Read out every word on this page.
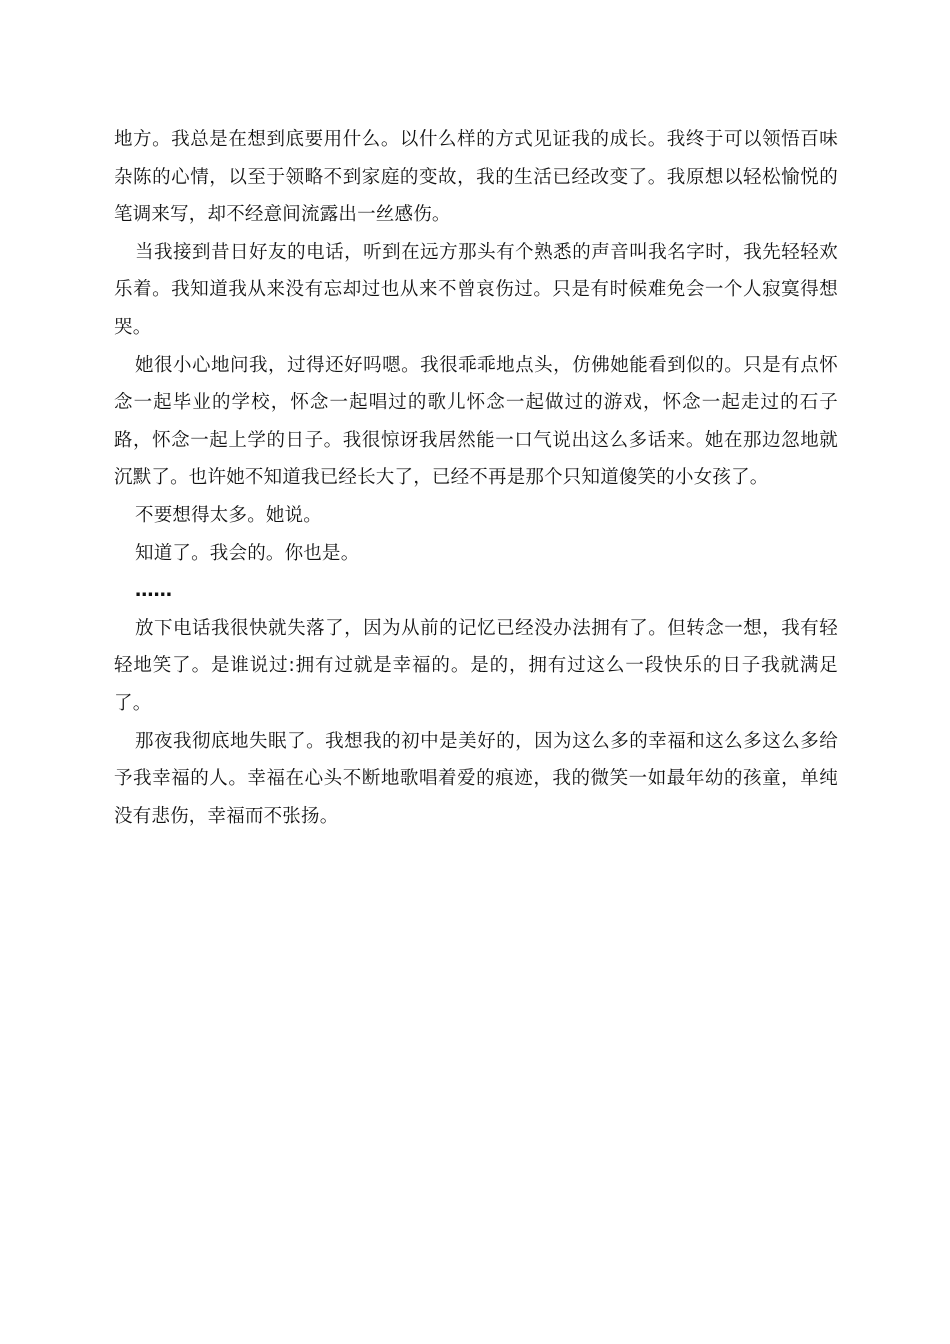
地方。我总是在想到底要用什么。以什么样的方式见证我的成长。我终于可以领悟百味杂陈的心情，以至于领略不到家庭的变故，我的生活已经改变了。我原想以轻松愉悦的笔调来写，却不经意间流露出一丝感伤。

当我接到昔日好友的电话，听到在远方那头有个熟悉的声音叫我名字时，我先轻轻欢乐着。我知道我从来没有忘却过也从来不曾哀伤过。只是有时候难免会一个人寂寞得想哭。

她很小心地问我，过得还好吗嗯。我很乖乖地点头，仿佛她能看到似的。只是有点怀念一起毕业的学校，怀念一起唱过的歌儿怀念一起做过的游戏，怀念一起走过的石子路，怀念一起上学的日子。我很惊讶我居然能一口气说出这么多话来。她在那边忽地就沉默了。也许她不知道我已经长大了，已经不再是那个只知道傻笑的小女孩了。

不要想得太多。她说。

知道了。我会的。你也是。

……

放下电话我很快就失落了，因为从前的记忆已经没办法拥有了。但转念一想，我有轻轻地笑了。是谁说过:拥有过就是幸福的。是的，拥有过这么一段快乐的日子我就满足了。

那夜我彻底地失眠了。我想我的初中是美好的，因为这么多的幸福和这么多这么多给予我幸福的人。幸福在心头不断地歌唱着爱的痕迹，我的微笑一如最年幼的孩童，单纯没有悲伤，幸福而不张扬。
